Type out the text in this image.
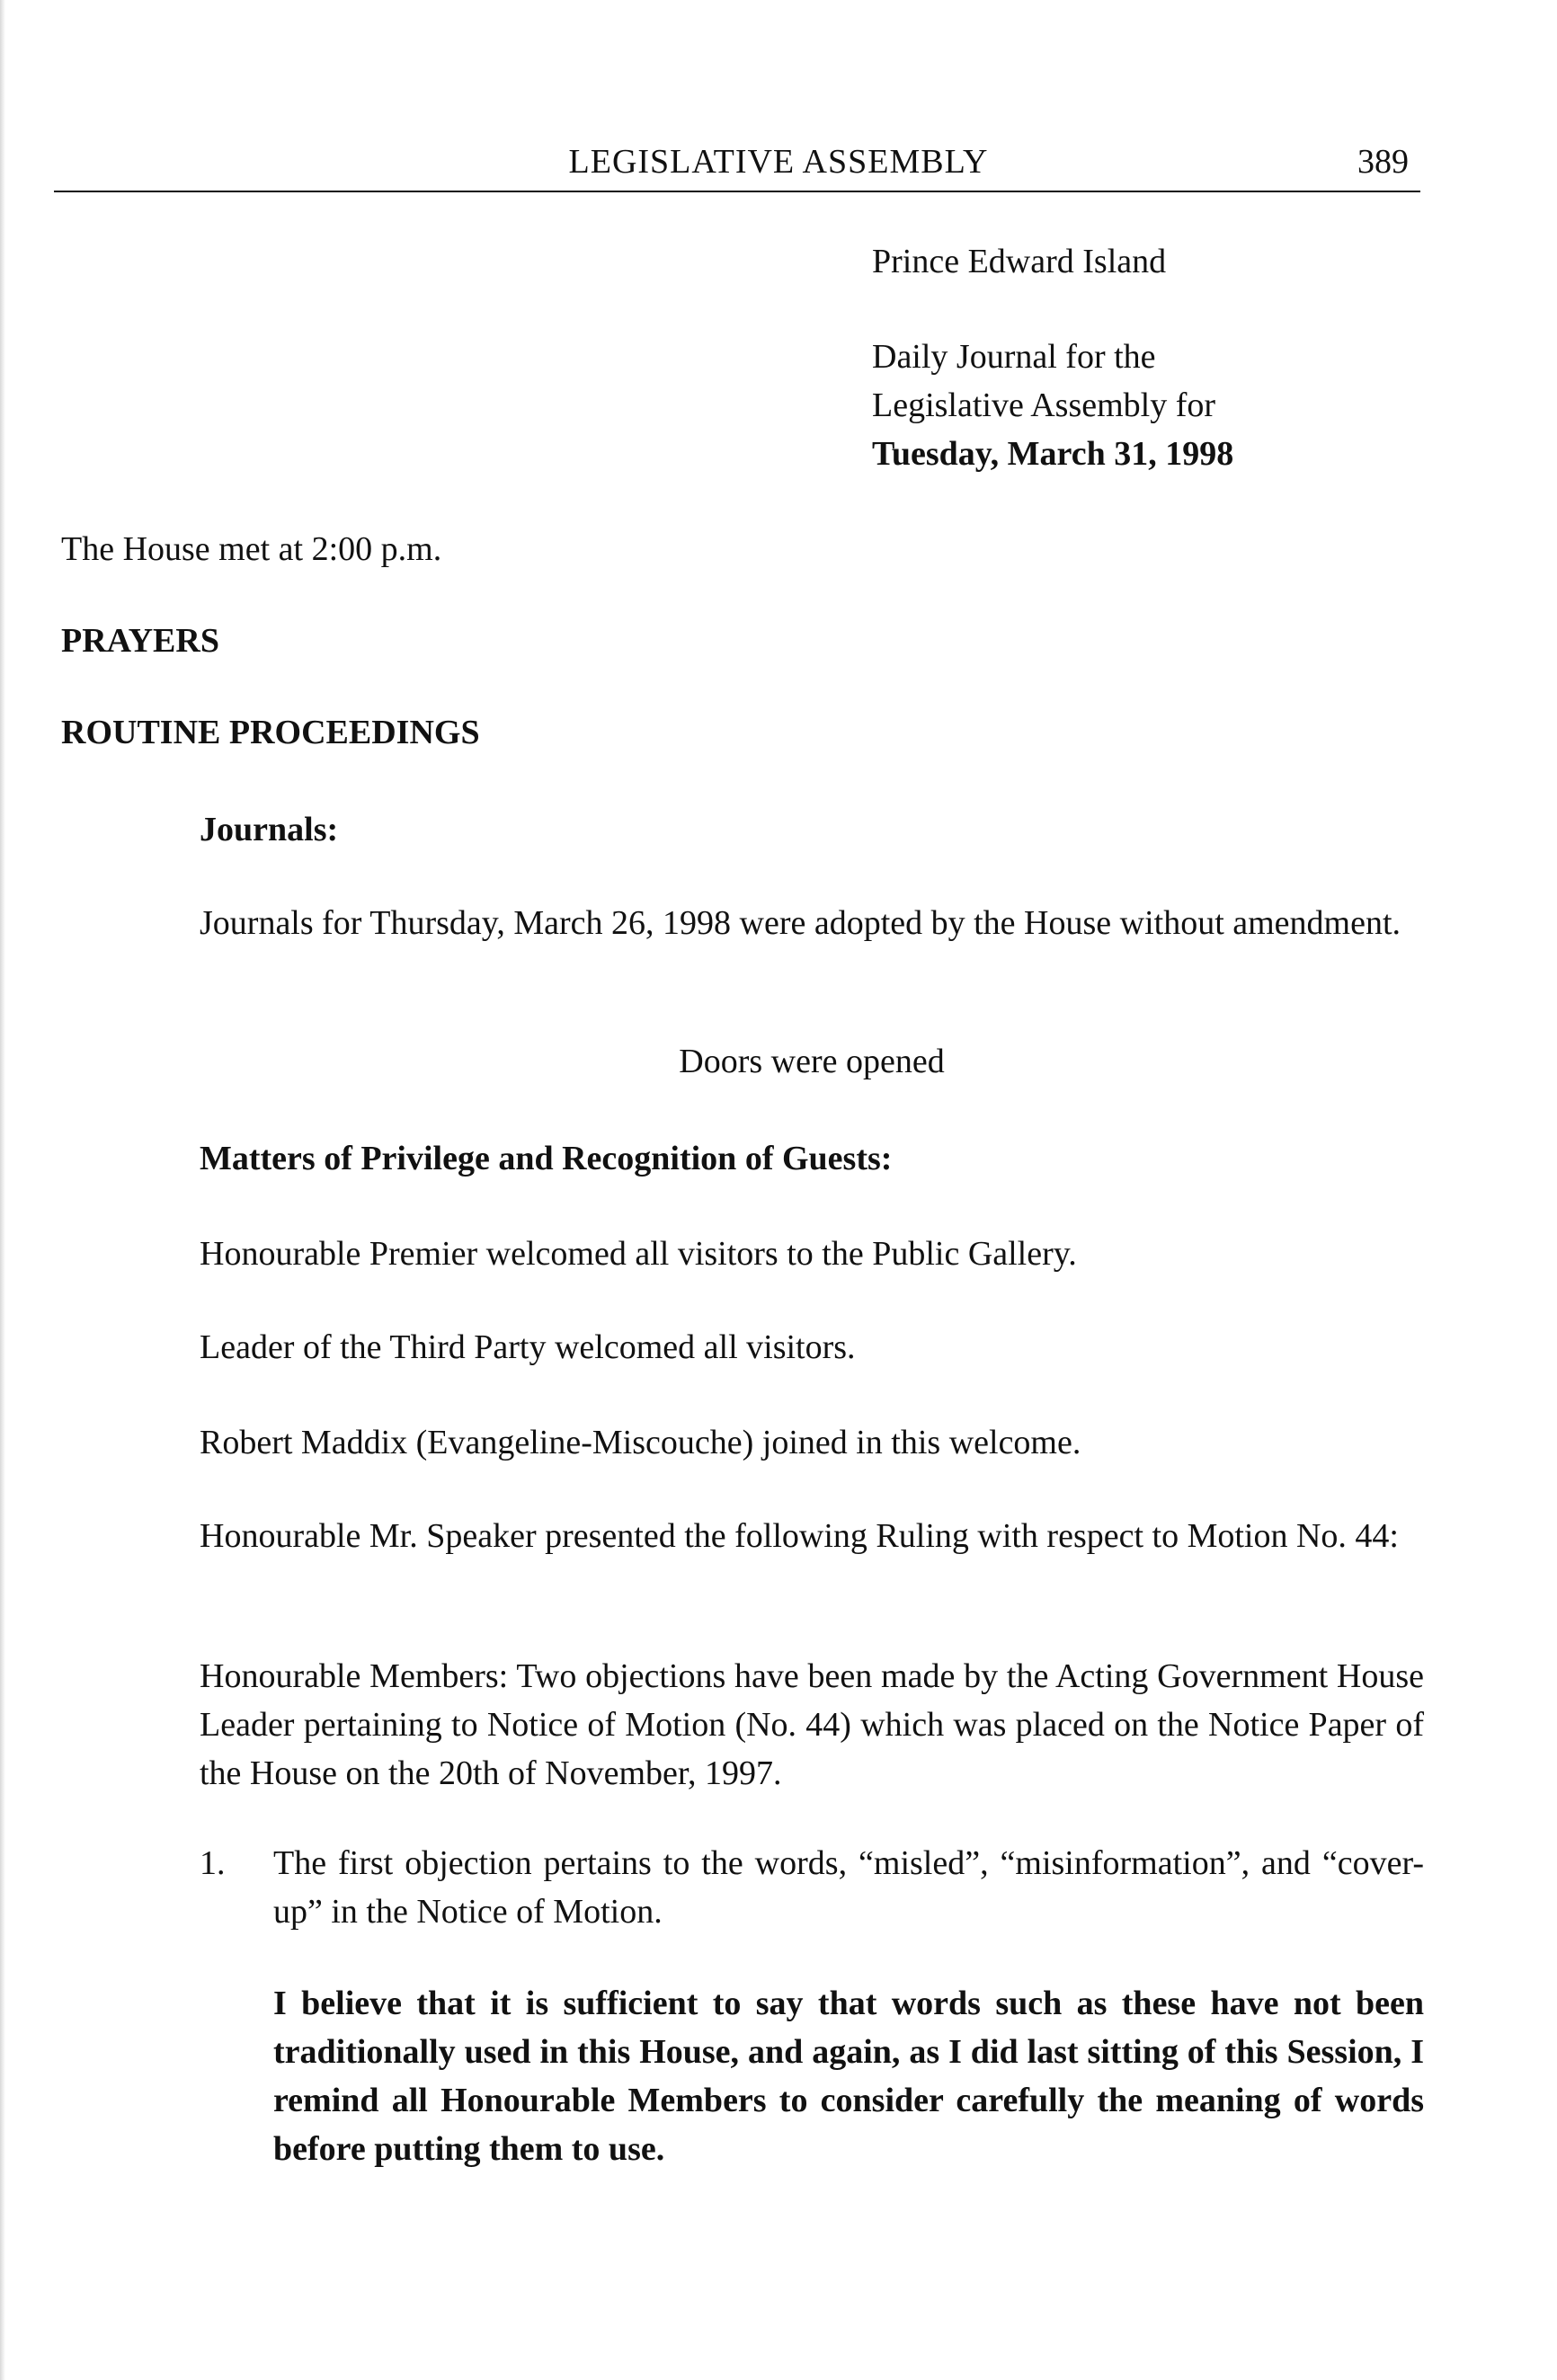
LEGISLATIVE ASSEMBLY	389
Prince Edward Island
Daily Journal for the
Legislative Assembly for
Tuesday, March 31, 1998
The House met at 2:00 p.m.
PRAYERS
ROUTINE PROCEEDINGS
Journals:
Journals for Thursday, March 26, 1998 were adopted by the House without amendment.
Doors were opened
Matters of Privilege and Recognition of Guests:
Honourable Premier welcomed all visitors to the Public Gallery.
Leader of the Third Party welcomed all visitors.
Robert Maddix (Evangeline-Miscouche) joined in this welcome.
Honourable Mr. Speaker presented the following Ruling with respect to Motion No. 44:
Honourable Members: Two objections have been made by the Acting Government House Leader pertaining to Notice of Motion (No. 44) which was placed on the Notice Paper of the House on the 20th of November, 1997.
1. The first objection pertains to the words, “misled”, “misinformation”, and “cover-up” in the Notice of Motion.
I believe that it is sufficient to say that words such as these have not been traditionally used in this House, and again, as I did last sitting of this Session, I remind all Honourable Members to consider carefully the meaning of words before putting them to use.
